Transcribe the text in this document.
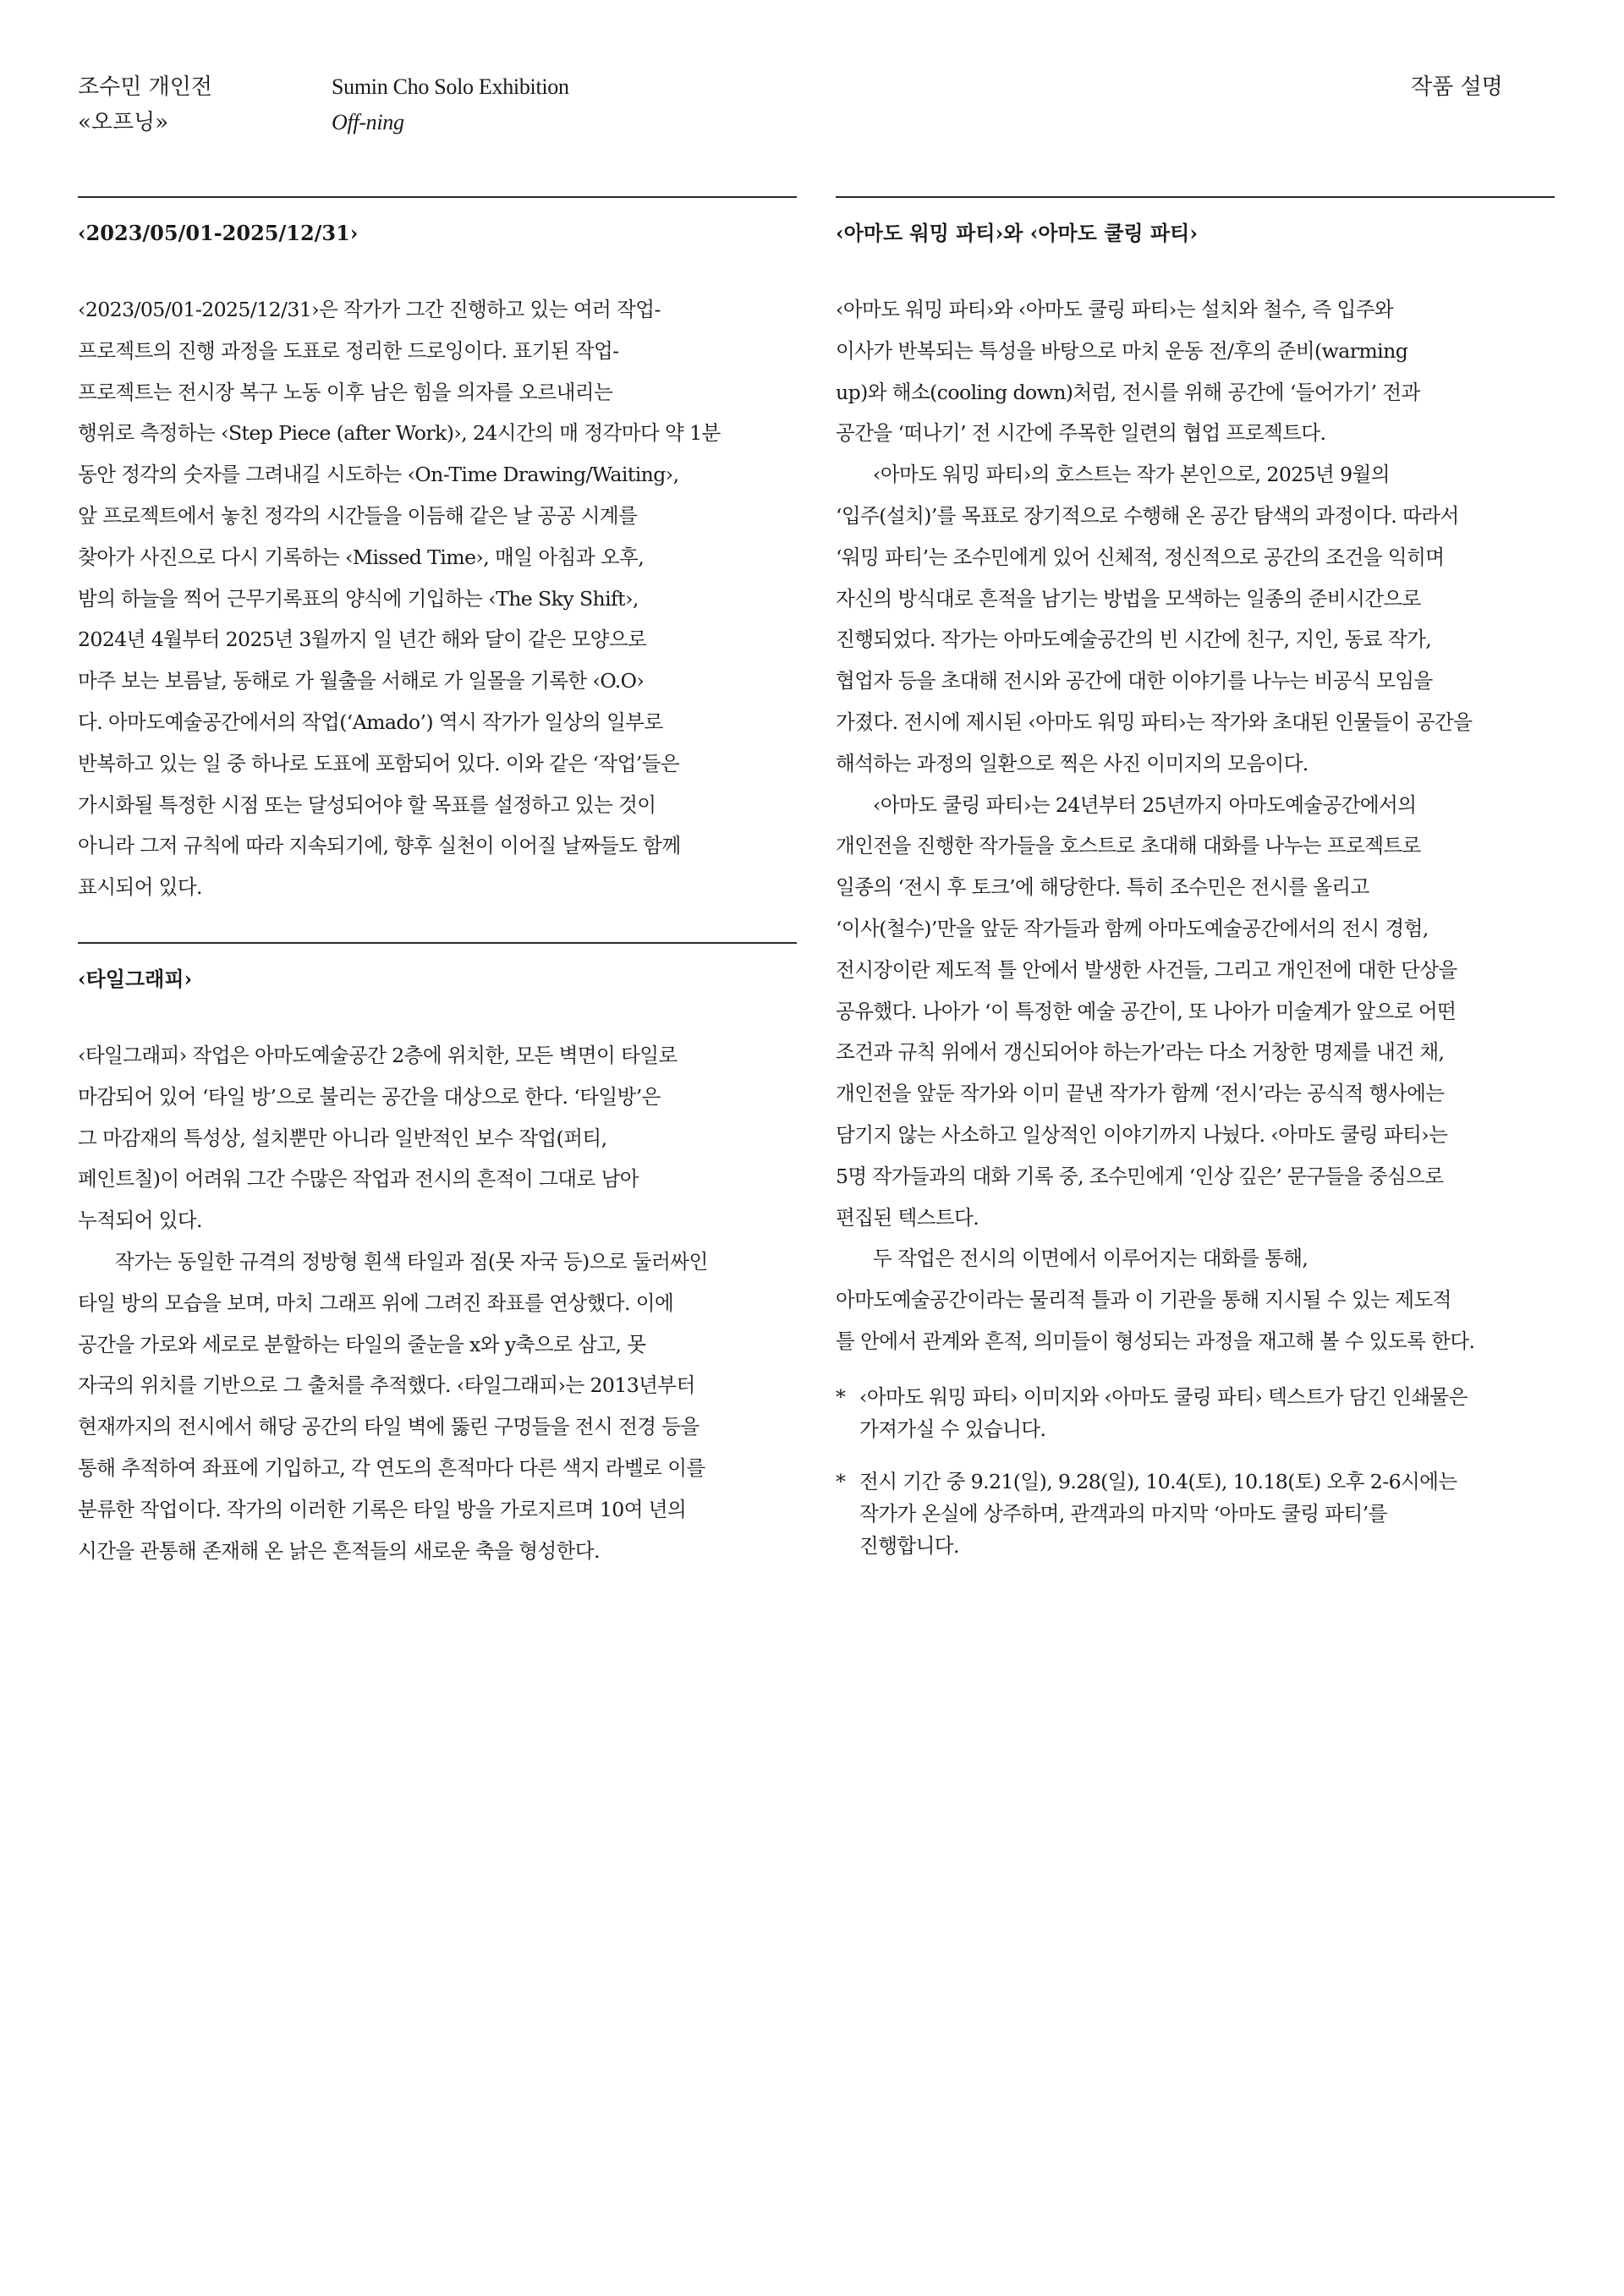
조수민 개인전
«오프닝»
Sumin Cho Solo Exhibition
Off-ning
작품 설명
‹2023/05/01-2025/12/31›
‹2023/05/01-2025/12/31›은 작가가 그간 진행하고 있는 여러 작업-
프로젝트의 진행 과정을 도표로 정리한 드로잉이다. 표기된 작업-
프로젝트는 전시장 복구 노동 이후 남은 힘을 의자를 오르내리는
행위로 측정하는 ‹Step Piece (after Work)›, 24시간의 매 정각마다 약 1분
동안 정각의 숫자를 그려내길 시도하는 ‹On-Time Drawing/Waiting›,
앞 프로젝트에서 놓친 정각의 시간들을 이듬해 같은 날 공공 시계를
찾아가 사진으로 다시 기록하는 ‹Missed Time›, 매일 아침과 오후,
밤의 하늘을 찍어 근무기록표의 양식에 기입하는 ‹The Sky Shift›,
2024년 4월부터 2025년 3월까지 일 년간 해와 달이 같은 모양으로
마주 보는 보름날, 동해로 가 월출을 서해로 가 일몰을 기록한 ‹O.O›
다. 아마도예술공간에서의 작업(‘Amado’) 역시 작가가 일상의 일부로
반복하고 있는 일 중 하나로 도표에 포함되어 있다. 이와 같은 ‘작업’들은
가시화될 특정한 시점 또는 달성되어야 할 목표를 설정하고 있는 것이
아니라 그저 규칙에 따라 지속되기에, 향후 실천이 이어질 날짜들도 함께
표시되어 있다.
‹타일그래피›
‹타일그래피› 작업은 아마도예술공간 2층에 위치한, 모든 벽면이 타일로
마감되어 있어 ‘타일 방’으로 불리는 공간을 대상으로 한다. ‘타일방’은
그 마감재의 특성상, 설치뿐만 아니라 일반적인 보수 작업(퍼티,
페인트칠)이 어려워 그간 수많은 작업과 전시의 흔적이 그대로 남아
누적되어 있다.
작가는 동일한 규격의 정방형 흰색 타일과 점(못 자국 등)으로 둘러싸인
타일 방의 모습을 보며, 마치 그래프 위에 그려진 좌표를 연상했다. 이에
공간을 가로와 세로로 분할하는 타일의 줄눈을 x와 y축으로 삼고, 못
자국의 위치를 기반으로 그 출처를 추적했다. ‹타일그래피›는 2013년부터
현재까지의 전시에서 해당 공간의 타일 벽에 뚫린 구멍들을 전시 전경 등을
통해 추적하여 좌표에 기입하고, 각 연도의 흔적마다 다른 색지 라벨로 이를
분류한 작업이다. 작가의 이러한 기록은 타일 방을 가로지르며 10여 년의
시간을 관통해 존재해 온 낡은 흔적들의 새로운 축을 형성한다.
‹아마도 워밍 파티›와 ‹아마도 쿨링 파티›
‹아마도 워밍 파티›와 ‹아마도 쿨링 파티›는 설치와 철수, 즉 입주와
이사가 반복되는 특성을 바탕으로 마치 운동 전/후의 준비(warming
up)와 해소(cooling down)처럼, 전시를 위해 공간에 ‘들어가기’ 전과
공간을 ‘떠나기’ 전 시간에 주목한 일련의 협업 프로젝트다.
‹아마도 워밍 파티›의 호스트는 작가 본인으로, 2025년 9월의
‘입주(설치)’를 목표로 장기적으로 수행해 온 공간 탐색의 과정이다. 따라서
‘워밍 파티’는 조수민에게 있어 신체적, 정신적으로 공간의 조건을 익히며
자신의 방식대로 흔적을 남기는 방법을 모색하는 일종의 준비시간으로
진행되었다. 작가는 아마도예술공간의 빈 시간에 친구, 지인, 동료 작가,
협업자 등을 초대해 전시와 공간에 대한 이야기를 나누는 비공식 모임을
가졌다. 전시에 제시된 ‹아마도 워밍 파티›는 작가와 초대된 인물들이 공간을
해석하는 과정의 일환으로 찍은 사진 이미지의 모음이다.
‹아마도 쿨링 파티›는 24년부터 25년까지 아마도예술공간에서의
개인전을 진행한 작가들을 호스트로 초대해 대화를 나누는 프로젝트로
일종의 ‘전시 후 토크’에 해당한다. 특히 조수민은 전시를 올리고
‘이사(철수)’만을 앞둔 작가들과 함께 아마도예술공간에서의 전시 경험,
전시장이란 제도적 틀 안에서 발생한 사건들, 그리고 개인전에 대한 단상을
공유했다. 나아가 ‘이 특정한 예술 공간이, 또 나아가 미술계가 앞으로 어떤
조건과 규칙 위에서 갱신되어야 하는가’라는 다소 거창한 명제를 내건 채,
개인전을 앞둔 작가와 이미 끝낸 작가가 함께 ‘전시’라는 공식적 행사에는
담기지 않는 사소하고 일상적인 이야기까지 나눴다. ‹아마도 쿨링 파티›는
5명 작가들과의 대화 기록 중, 조수민에게 ‘인상 깊은’ 문구들을 중심으로
편집된 텍스트다.
두 작업은 전시의 이면에서 이루어지는 대화를 통해,
아마도예술공간이라는 물리적 틀과 이 기관을 통해 지시될 수 있는 제도적
틀 안에서 관계와 흔적, 의미들이 형성되는 과정을 재고해 볼 수 있도록 한다.
* ‹아마도 워밍 파티› 이미지와 ‹아마도 쿨링 파티› 텍스트가 담긴 인쇄물은
가져가실 수 있습니다.
* 전시 기간 중 9.21(일), 9.28(일), 10.4(토), 10.18(토) 오후 2-6시에는
작가가 온실에 상주하며, 관객과의 마지막 ‘아마도 쿨링 파티’를
진행합니다.
